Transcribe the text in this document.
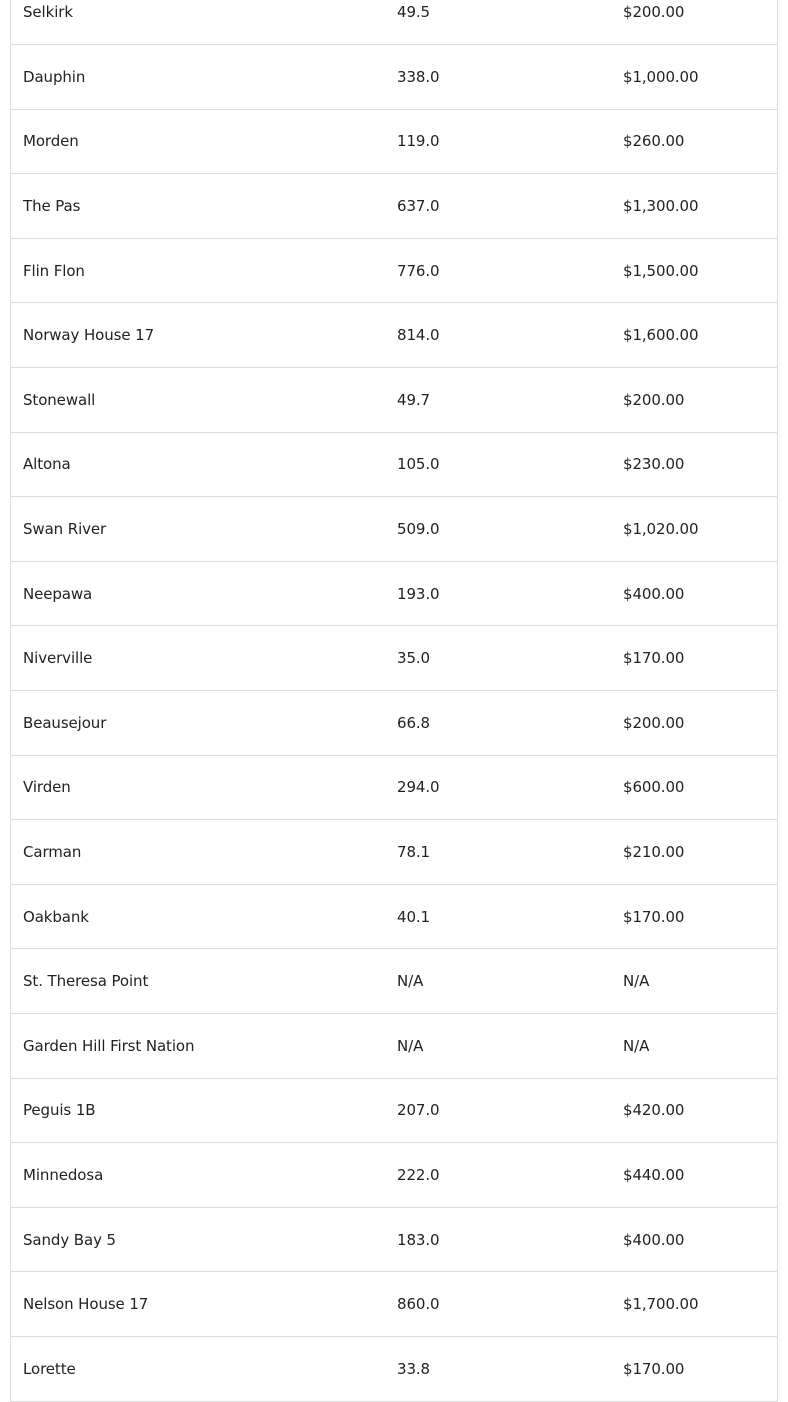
Selkirk	49.5	$200.00
Dauphin	338.0	$1,000.00
Morden	119.0	$260.00
The Pas	637.0	$1,300.00
Flin Flon	776.0	$1,500.00
Norway House 17	814.0	$1,600.00
Stonewall	49.7	$200.00
Altona	105.0	$230.00
Swan River	509.0	$1,020.00
Neepawa	193.0	$400.00
Niverville	35.0	$170.00
Beausejour	66.8	$200.00
Virden	294.0	$600.00
Carman	78.1	$210.00
Oakbank	40.1	$170.00
St. Theresa Point	N/A	N/A
Garden Hill First Nation	N/A	N/A
Peguis 1B	207.0	$420.00
Minnedosa	222.0	$440.00
Sandy Bay 5	183.0	$400.00
Nelson House 17	860.0	$1,700.00
Lorette	33.8	$170.00
